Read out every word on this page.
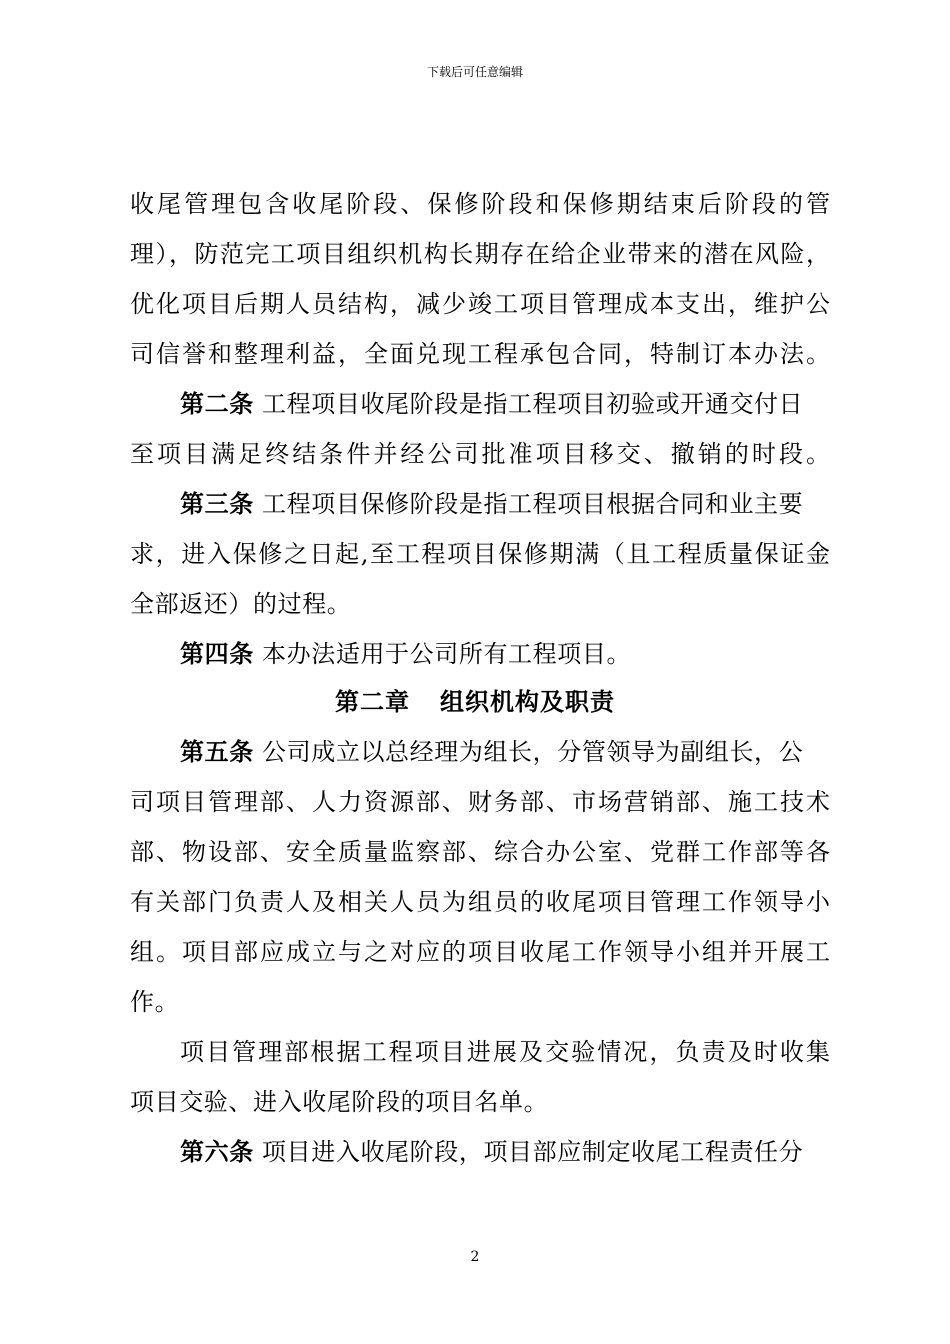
下载后可任意编辑
收尾管理包含收尾阶段、保修阶段和保修期结束后阶段的管
理），防范完工项目组织机构长期存在给企业带来的潜在风险，
优化项目后期人员结构，减少竣工项目管理成本支出，维护公
司信誉和整理利益，全面兑现工程承包合同，特制订本办法。
第二条 工程项目收尾阶段是指工程项目初验或开通交付日
至项目满足终结条件并经公司批准项目移交、撤销的时段。
第三条 工程项目保修阶段是指工程项目根据合同和业主要
求，进入保修之日起,至工程项目保修期满（且工程质量保证金
全部返还）的过程。
第四条 本办法适用于公司所有工程项目。
第二章 组织机构及职责
第五条 公司成立以总经理为组长，分管领导为副组长，公
司项目管理部、人力资源部、财务部、市场营销部、施工技术
部、物设部、安全质量监察部、综合办公室、党群工作部等各
有关部门负责人及相关人员为组员的收尾项目管理工作领导小
组。项目部应成立与之对应的项目收尾工作领导小组并开展工
作。
项目管理部根据工程项目进展及交验情况，负责及时收集
项目交验、进入收尾阶段的项目名单。
第六条 项目进入收尾阶段，项目部应制定收尾工程责任分
2
